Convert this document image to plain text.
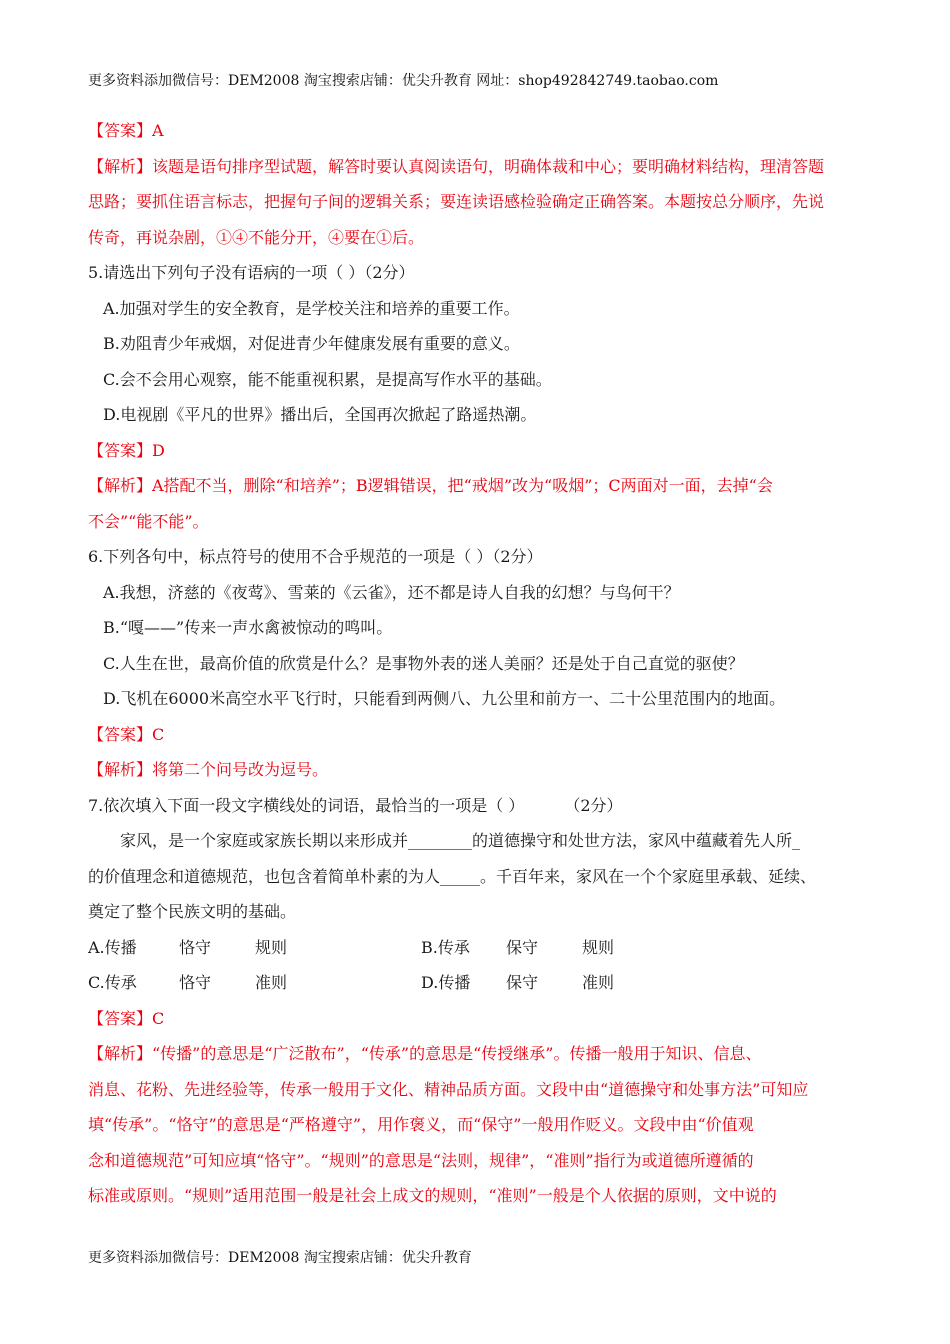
更多资料添加微信号：DEM2008 淘宝搜索店铺：优尖升教育 网址：shop492842749.taobao.com
【答案】A
【解析】该题是语句排序型试题，解答时要认真阅读语句，明确体裁和中心；要明确材料结构，理清答题
思路；要抓住语言标志，把握句子间的逻辑关系；要连读语感检验确定正确答案。本题按总分顺序，先说
传奇，再说杂剧，①④不能分开，④要在①后。
5.请选出下列句子没有语病的一项（ ）（2分）
A.加强对学生的安全教育，是学校关注和培养的重要工作。
B.劝阻青少年戒烟，对促进青少年健康发展有重要的意义。
C.会不会用心观察，能不能重视积累，是提高写作水平的基础。
D.电视剧《平凡的世界》播出后，全国再次掀起了路遥热潮。
【答案】D
【解析】A搭配不当，删除“和培养”；B逻辑错误，把“戒烟”改为“吸烟”；C两面对一面，去掉“会
不会”“能不能”。
6.下列各句中，标点符号的使用不合乎规范的一项是（ ）（2分）
A.我想，济慈的《夜莺》、雪莱的《云雀》，还不都是诗人自我的幻想？与鸟何干？
B.“嘎——”传来一声水禽被惊动的鸣叫。
C.人生在世，最高价值的欣赏是什么？是事物外表的迷人美丽？还是处于自己直觉的驱使？
D.飞机在6000米高空水平飞行时，只能看到两侧八、九公里和前方一、二十公里范围内的地面。
【答案】C
【解析】将第二个问号改为逗号。
7.依次填入下面一段文字横线处的词语，最恰当的一项是（ ）	（2分）
家风，是一个家庭或家族长期以来形成并________的道德操守和处世方法，家风中蕴藏着先人所_
的价值理念和道德规范，也包含着简单朴素的为人_____。千百年来，家风在一个个家庭里承载、延续、
奠定了整个民族文明的基础。
A.传播	恪守	规则	B.传承	保守	规则
C.传承	恪守	准则	D.传播	保守	准则
【答案】C
【解析】“传播”的意思是“广泛散布”，“传承”的意思是“传授继承”。传播一般用于知识、信息、
消息、花粉、先进经验等，传承一般用于文化、精神品质方面。文段中由“道德操守和处事方法”可知应
填“传承”。“恪守”的意思是“严格遵守”，用作褒义，而“保守”一般用作贬义。文段中由“价值观
念和道德规范”可知应填“恪守”。“规则”的意思是“法则，规律”，“准则”指行为或道德所遵循的
标准或原则。“规则”适用范围一般是社会上成文的规则，“准则”一般是个人依据的原则，文中说的
更多资料添加微信号：DEM2008 淘宝搜索店铺：优尖升教育
